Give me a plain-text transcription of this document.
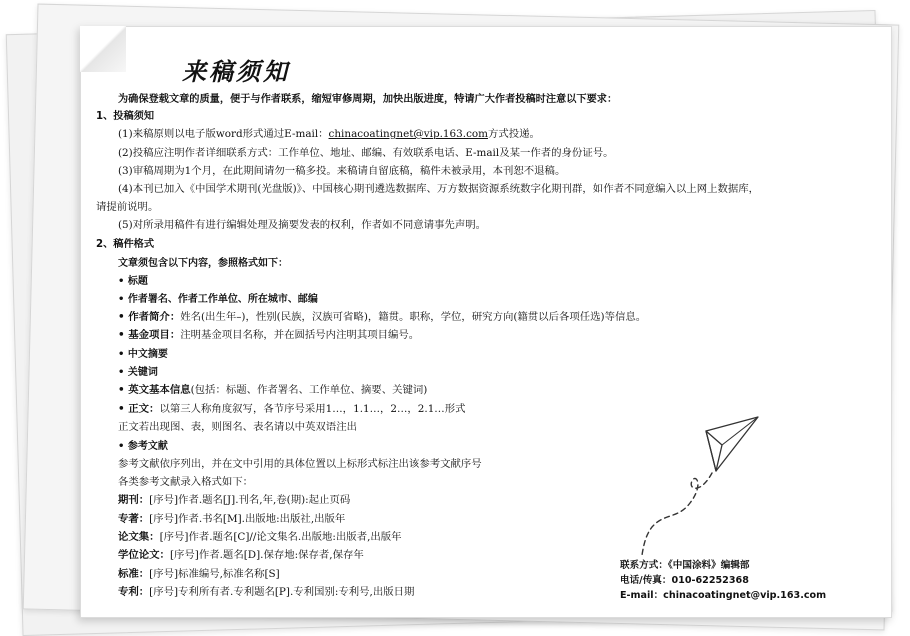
来稿须知
为确保登载文章的质量，便于与作者联系，缩短审修周期，加快出版进度，特请广大作者投稿时注意以下要求：
1、投稿须知
(1)来稿原则以电子版word形式通过E-mail：chinacoatingnet@vip.163.com方式投递。
(2)投稿应注明作者详细联系方式：工作单位、地址、邮编、有效联系电话、E-mail及某一作者的身份证号。
(3)审稿周期为1个月，在此期间请勿一稿多投。来稿请自留底稿，稿件未被录用，本刊恕不退稿。
(4)本刊已加入《中国学术期刊(光盘版)》、中国核心期刊遴选数据库、万方数据资源系统数字化期刊群，如作者不同意编入以上网上数据库，
请提前说明。
(5)对所录用稿件有进行编辑处理及摘要发表的权利，作者如不同意请事先声明。
2、稿件格式
文章须包含以下内容，参照格式如下：
• 标题
• 作者署名、作者工作单位、所在城市、邮编
• 作者简介：姓名(出生年–)，性别(民族，汉族可省略)，籍贯。职称，学位，研究方向(籍贯以后各项任选)等信息。
• 基金项目：注明基金项目名称，并在圆括号内注明其项目编号。
• 中文摘要
• 关键词
• 英文基本信息(包括：标题、作者署名、工作单位、摘要、关键词)
• 正文：以第三人称角度叙写，各节序号采用1…，1.1…，2…，2.1…形式
正文若出现图、表，则图名、表名请以中英双语注出
• 参考文献
参考文献依序列出，并在文中引用的具体位置以上标形式标注出该参考文献序号
各类参考文献录入格式如下：
期刊：[序号]作者.题名[J].刊名,年,卷(期):起止页码
专著：[序号]作者.书名[M].出版地:出版社,出版年
论文集：[序号]作者.题名[C]//论文集名.出版地:出版者,出版年
学位论文：[序号]作者.题名[D].保存地:保存者,保存年
标准：[序号]标准编号,标准名称[S]
专利：[序号]专利所有者.专利题名[P].专利国别:专利号,出版日期
联系方式：《中国涂料》编辑部
电话/传真：010-62252368
E-mail：chinacoatingnet@vip.163.com
